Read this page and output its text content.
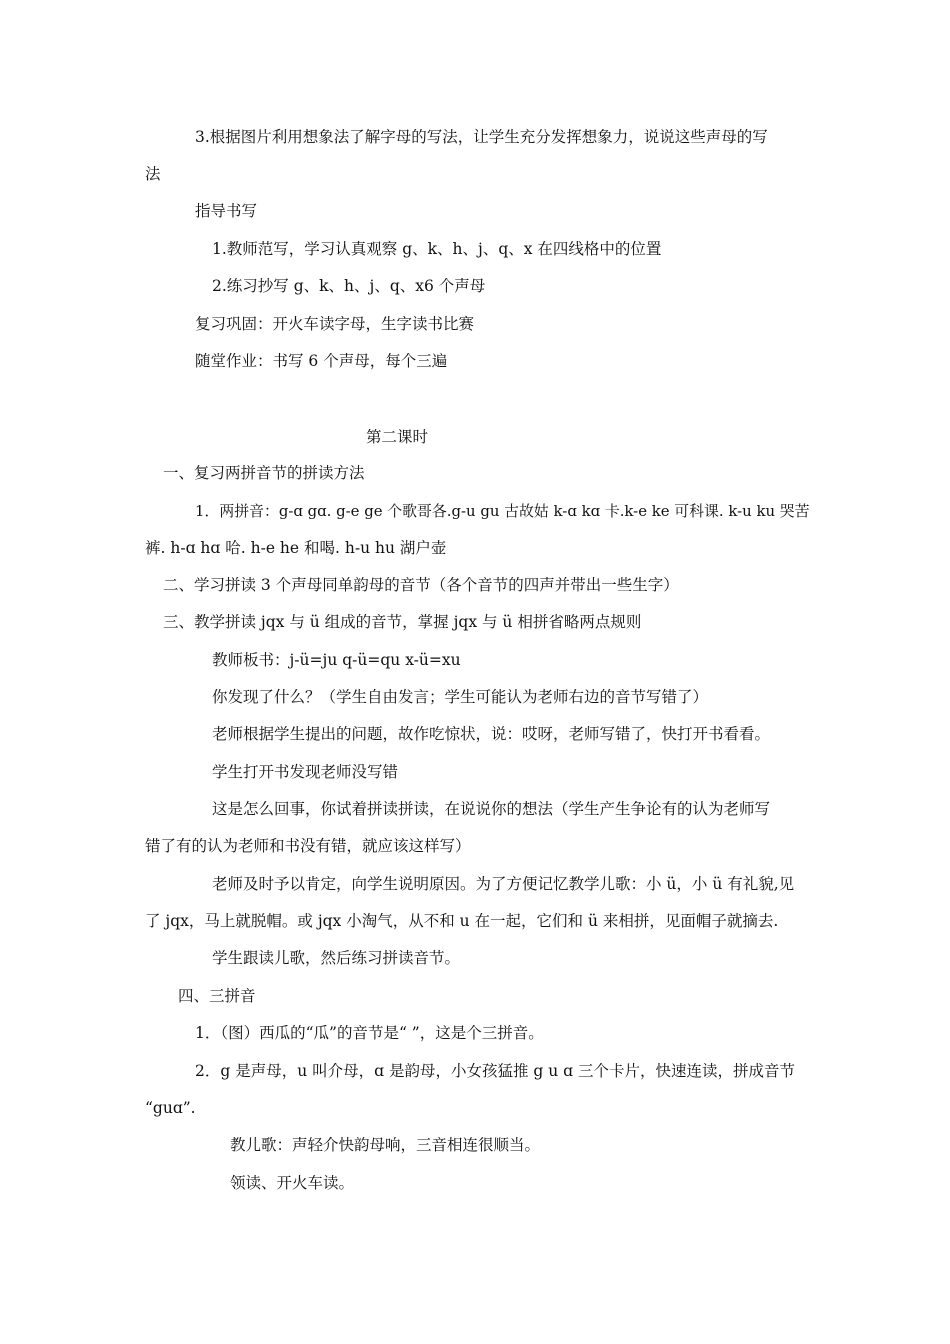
3.根据图片利用想象法了解字母的写法，让学生充分发挥想象力，说说这些声母的写
法
指导书写
1.教师范写，学习认真观察 g、k、h、j、q、x 在四线格中的位置
2.练习抄写 g、k、h、j、q、x6 个声母
复习巩固：开火车读字母，生字读书比赛
随堂作业：书写 6 个声母，每个三遍
第二课时
一、复习两拼音节的拼读方法
1．两拼音：g-ɑ gɑ. g-e ge 个歌哥各.g-u gu 古故姑 k-ɑ kɑ 卡.k-e ke 可科课. k-u ku 哭苦
裤. h-ɑ hɑ 哈. h-e he 和喝. h-u hu 湖户壶
二、学习拼读 3 个声母同单韵母的音节（各个音节的四声并带出一些生字）
三、教学拼读 jqx 与 ü 组成的音节，掌握 jqx 与 ü 相拼省略两点规则
教师板书：j-ü=ju q-ü=qu x-ü=xu
你发现了什么？（学生自由发言；学生可能认为老师右边的音节写错了）
老师根据学生提出的问题，故作吃惊状，说：哎呀，老师写错了，快打开书看看。
学生打开书发现老师没写错
这是怎么回事，你试着拼读拼读，在说说你的想法（学生产生争论有的认为老师写
错了有的认为老师和书没有错，就应该这样写）
老师及时予以肯定，向学生说明原因。为了方便记忆教学儿歌：小 ü，小 ü 有礼貌,见
了 jqx，马上就脱帽。或 jqx 小淘气，从不和 u 在一起，它们和 ü 来相拼，见面帽子就摘去.
学生跟读儿歌，然后练习拼读音节。
四、三拼音
1．（图）西瓜的“瓜”的音节是“ ”，这是个三拼音。
2．g 是声母，u 叫介母，ɑ 是韵母，小女孩猛推 g u ɑ 三个卡片，快速连读，拼成音节
“guɑ”.
教儿歌：声轻介快韵母响，三音相连很顺当。
领读、开火车读。
